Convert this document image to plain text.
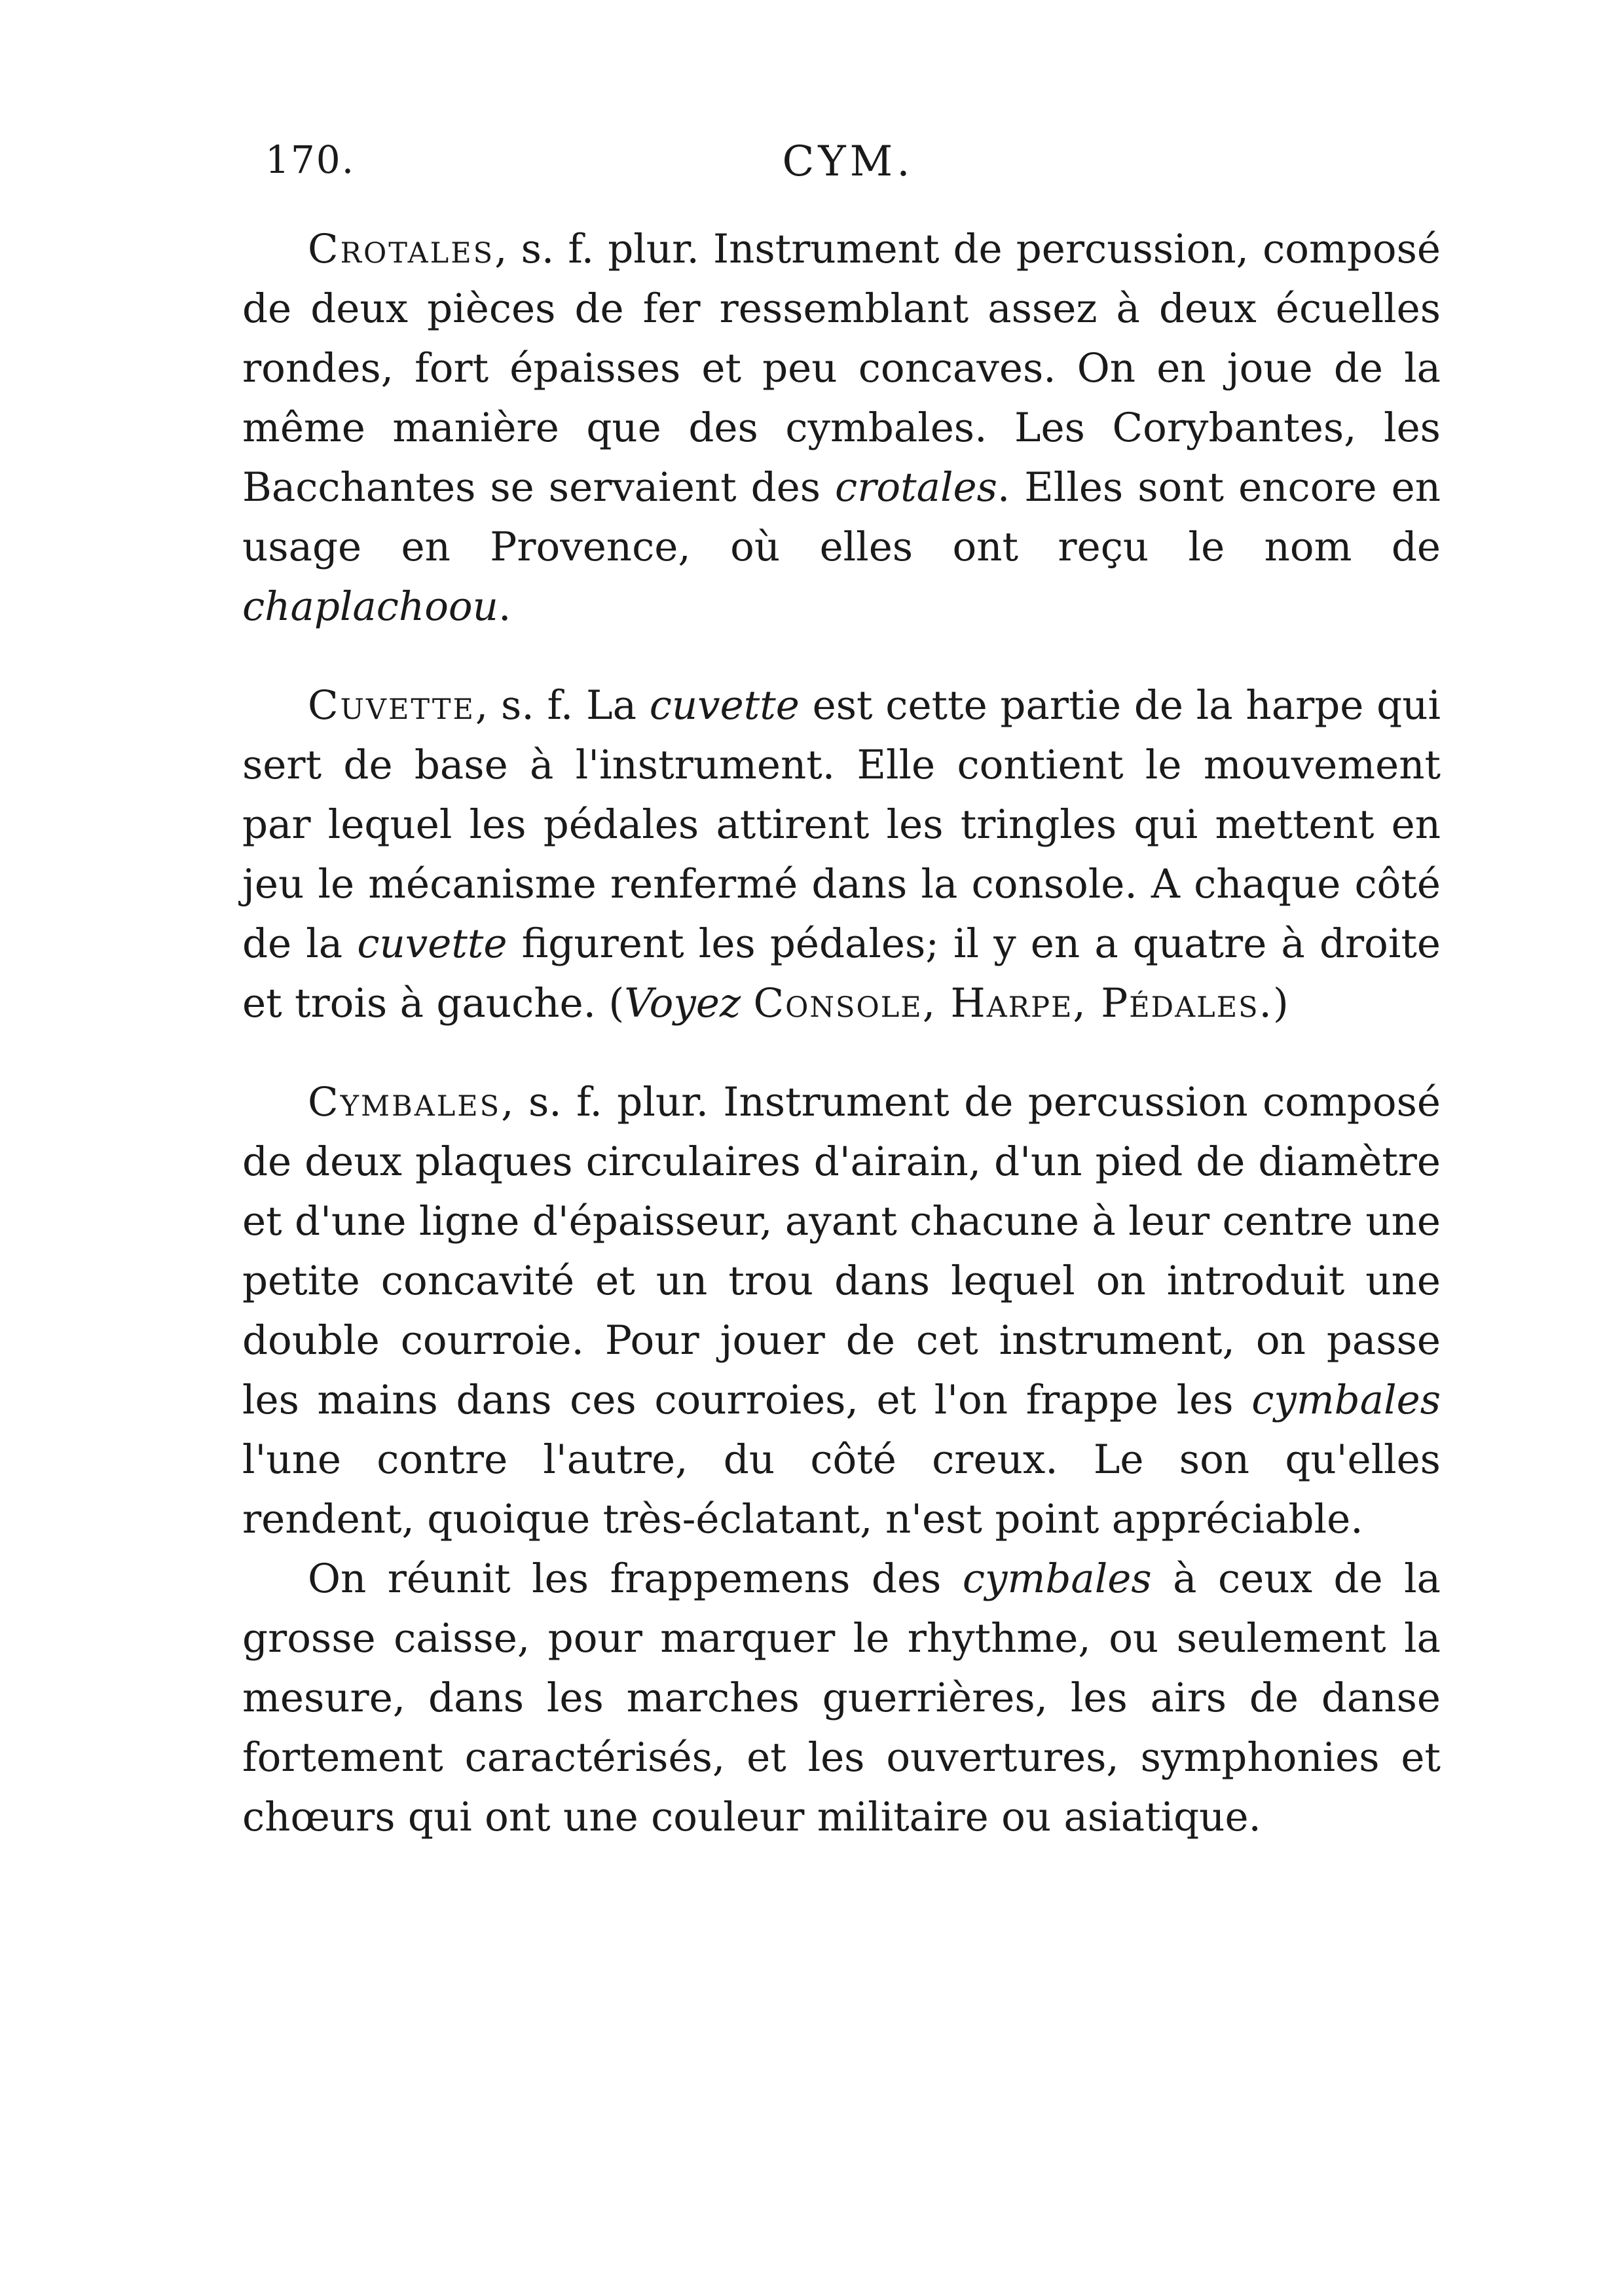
170.	CYM.

Crotales, s. f. plur. Instrument de percussion, composé de deux pièces de fer ressemblant assez à deux écuelles rondes, fort épaisses et peu concaves. On en joue de la même manière que des cymbales. Les Corybantes, les Bacchantes se servaient des crotales. Elles sont encore en usage en Provence, où elles ont reçu le nom de chaplachoou.

Cuvette, s. f. La cuvette est cette partie de la harpe qui sert de base à l'instrument. Elle contient le mouvement par lequel les pédales attirent les tringles qui mettent en jeu le mécanisme renfermé dans la console. A chaque côté de la cuvette figurent les pédales; il y en a quatre à droite et trois à gauche. (Voyez Console, Harpe, Pédales.)

Cymbales, s. f. plur. Instrument de percussion composé de deux plaques circulaires d'airain, d'un pied de diamètre et d'une ligne d'épaisseur, ayant chacune à leur centre une petite concavité et un trou dans lequel on introduit une double courroie. Pour jouer de cet instrument, on passe les mains dans ces courroies, et l'on frappe les cymbales l'une contre l'autre, du côté creux. Le son qu'elles rendent, quoique très-éclatant, n'est point appréciable.

On réunit les frappemens des cymbales à ceux de la grosse caisse, pour marquer le rhythme, ou seulement la mesure, dans les marches guerrières, les airs de danse fortement caractérisés, et les ouvertures, symphonies et chœurs qui ont une couleur militaire ou asiatique.
